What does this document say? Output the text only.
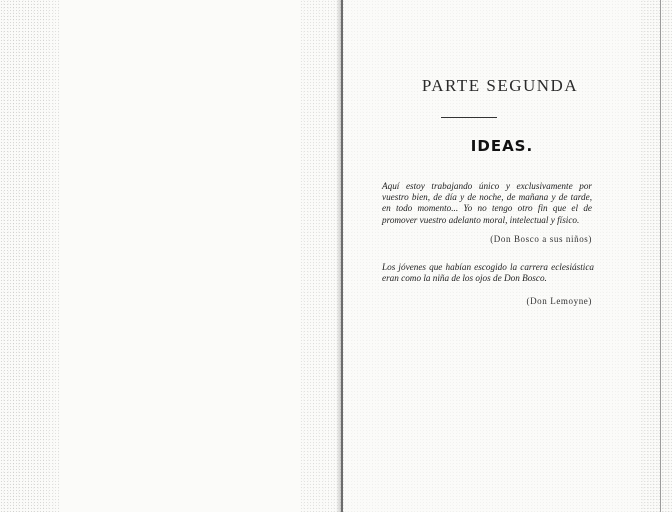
PARTE SEGUNDA
IDEAS.
Aquí estoy trabajando único y exclusivamente por vuestro bien, de día y de noche, de mañana y de tarde, en todo momento... Yo no tengo otro fin que el de promover vuestro adelanto moral, intelectual y físico.
(Don Bosco a sus niños)
Los jóvenes que habían escogido la carrera eclesiástica eran como la niña de los ojos de Don Bosco.
(Don Lemoyne)
